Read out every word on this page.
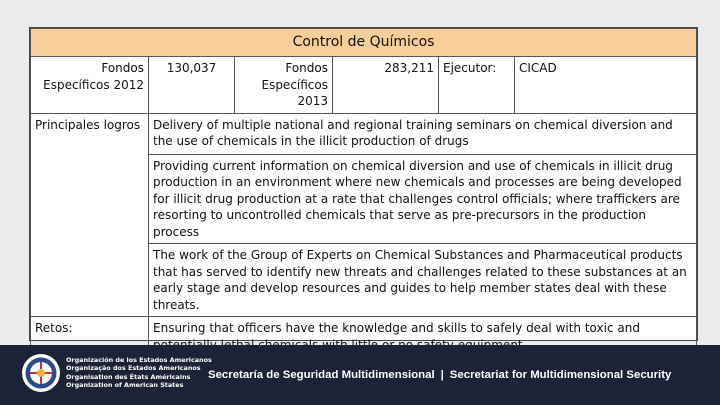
Control de Químicos					
Fondos Específicos 2012	130,037	Fondos Específicos 2013	283,211	Ejecutor:	CICAD
Principales logros	Delivery of multiple national and regional training seminars on chemical diversion and the use of chemicals in the illicit production of drugs				
	Providing current information on chemical diversion and use of chemicals in illicit drug production in an environment where new chemicals and processes are being developed for illicit drug production at a rate that challenges control officials; where traffickers are resorting to uncontrolled chemicals that serve as pre-precursors in the production process				
	The work of the Group of Experts on Chemical Substances and Pharmaceutical products that has served to identify new threats and challenges related to these substances at an early stage and develop resources and guides to help member states deal with these threats.				
Retos:	Ensuring that officers have the knowledge and skills to safely deal with toxic and				

Organización de los Estados Americanos
Organização dos Estados Americanos
Organisation des États Américains
Organization of American States
Secretaría de Seguridad Multidimensional | Secretariat for Multidimensional Security
